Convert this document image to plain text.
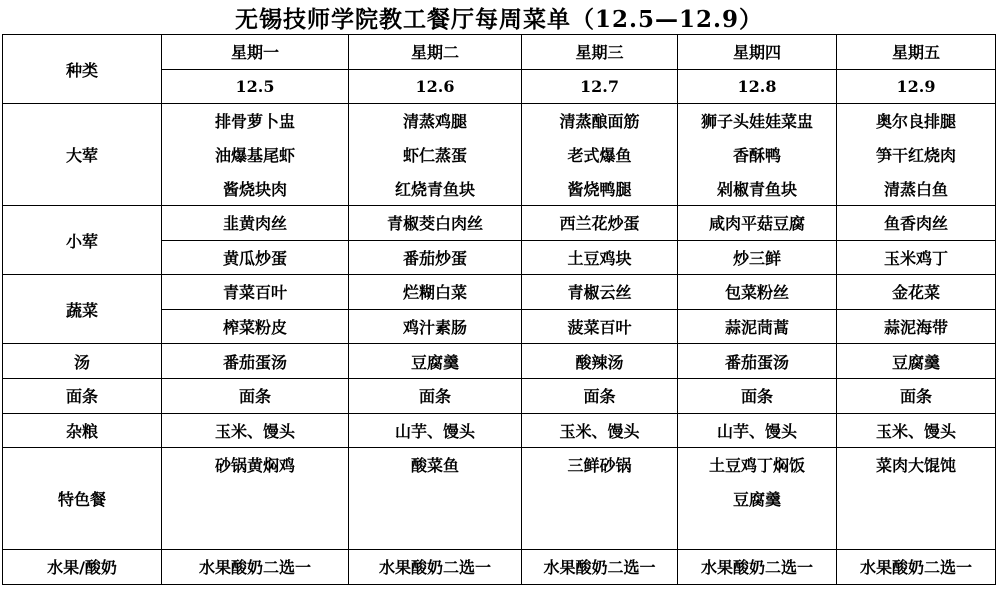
无锡技师学院教工餐厅每周菜单（12.5—12.9）
种类	星期一	星期二	星期三	星期四	星期五
	12.5	12.6	12.7	12.8	12.9
大荤	排骨萝卜盅	清蒸鸡腿	清蒸酿面筋	狮子头娃娃菜盅	奥尔良排腿
	油爆基尾虾	虾仁蒸蛋	老式爆鱼	香酥鸭	笋干红烧肉
	酱烧块肉	红烧青鱼块	酱烧鸭腿	剁椒青鱼块	清蒸白鱼
小荤	韭黄肉丝	青椒茭白肉丝	西兰花炒蛋	咸肉平菇豆腐	鱼香肉丝
	黄瓜炒蛋	番茄炒蛋	土豆鸡块	炒三鲜	玉米鸡丁
蔬菜	青菜百叶	烂糊白菜	青椒云丝	包菜粉丝	金花菜
	榨菜粉皮	鸡汁素肠	菠菜百叶	蒜泥茼蒿	蒜泥海带
汤	番茄蛋汤	豆腐羹	酸辣汤	番茄蛋汤	豆腐羹
面条	面条	面条	面条	面条	面条
杂粮	玉米、馒头	山芋、馒头	玉米、馒头	山芋、馒头	玉米、馒头
特色餐	砂锅黄焖鸡	酸菜鱼	三鲜砂锅	土豆鸡丁焖饭	菜肉大馄饨
				豆腐羹	

水果/酸奶	水果酸奶二选一	水果酸奶二选一	水果酸奶二选一	水果酸奶二选一	水果酸奶二选一
